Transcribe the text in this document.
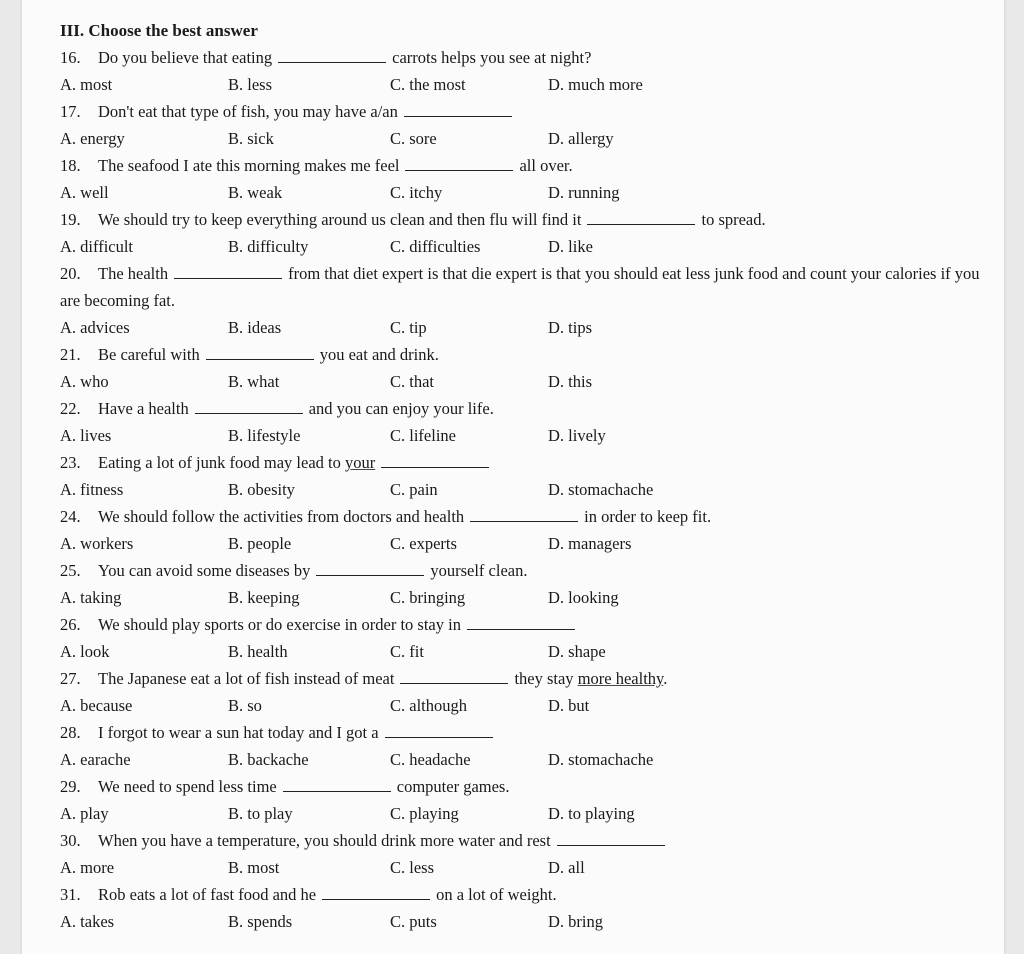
III. Choose the best answer
16. Do you believe that eating	carrots helps you see at night?
A. most	B. less	C. the most	D. much more
17. Don't eat that type of fish, you may have a/an
A. energy	B. sick	C. sore	D. allergy
18. The seafood I ate this morning makes me feel	all over.
A. well	B. weak	C. itchy	D. running
19. We should try to keep everything around us clean and then flu will find it	to spread.
A. difficult	B. difficulty	C. difficulties	D. like
20. The health	from that diet expert is that die expert is that you should eat less junk food and count your calories if you are becoming fat.
A. advices	B. ideas	C. tip	D. tips
21. Be careful with	you eat and drink.
A. who	B. what	C. that	D. this
22. Have a health	and you can enjoy your life.
A. lives	B. lifestyle	C. lifeline	D. lively
23. Eating a lot of junk food may lead to your
A. fitness	B. obesity	C. pain	D. stomachache
24. We should follow the activities from doctors and health	in order to keep fit.
A. workers	B. people	C. experts	D. managers
25. You can avoid some diseases by	yourself clean.
A. taking	B. keeping	C. bringing	D. looking
26. We should play sports or do exercise in order to stay in
A. look	B. health	C. fit	D. shape
27. The Japanese eat a lot of fish instead of meat	they stay more healthy.
A. because	B. so	C. although	D. but
28. I forgot to wear a sun hat today and I got a
A. earache	B. backache	C. headache	D. stomachache
29. We need to spend less time	computer games.
A. play	B. to play	C. playing	D. to playing
30. When you have a temperature, you should drink more water and rest
A. more	B. most	C. less	D. all
31. Rob eats a lot of fast food and he	on a lot of weight.
A. takes	B. spends	C. puts	D. bring
